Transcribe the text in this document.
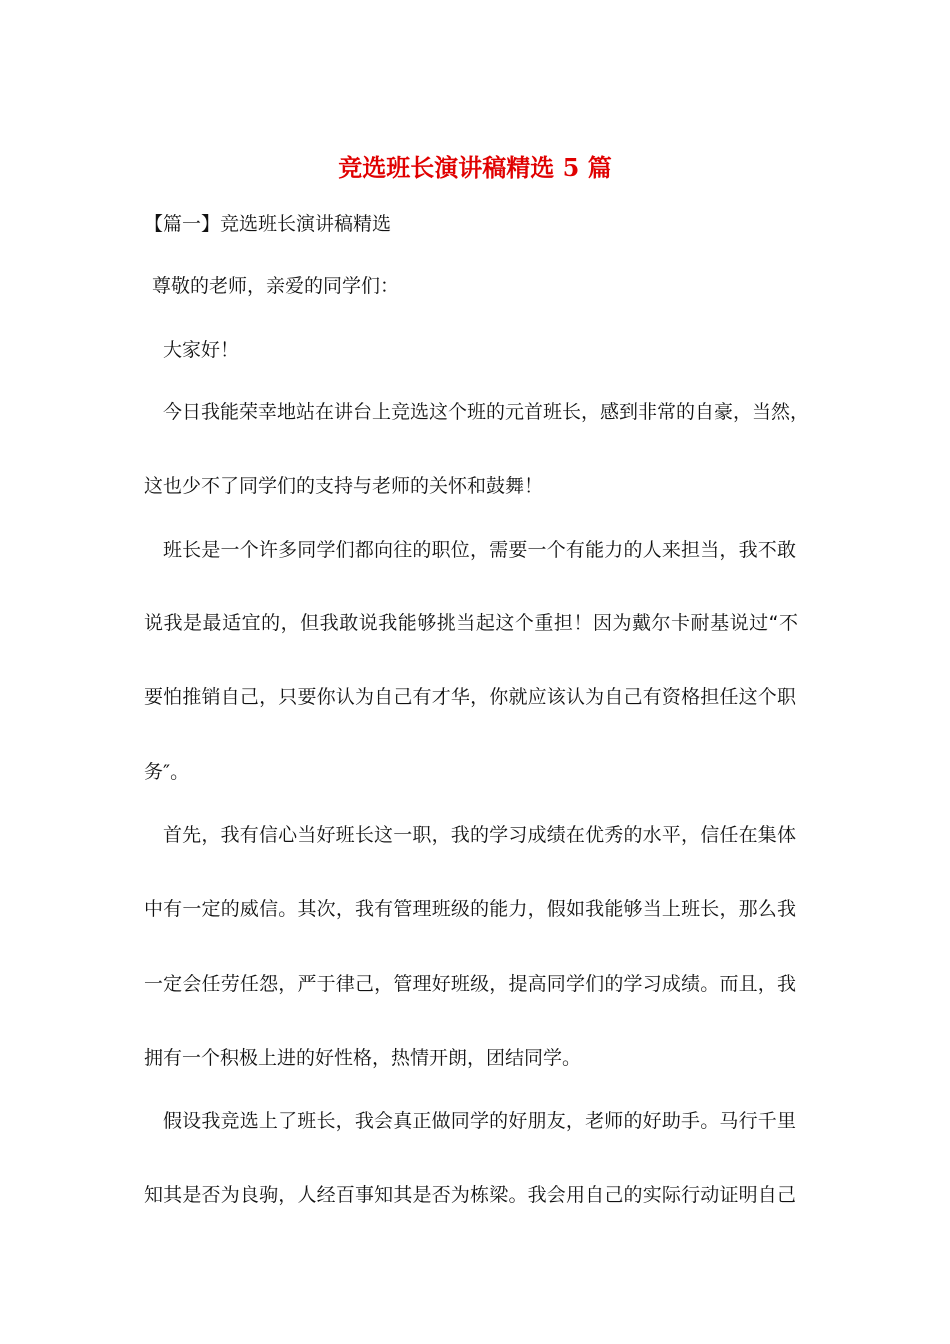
竞选班长演讲稿精选 5 篇
【篇一】竞选班长演讲稿精选
尊敬的老师，亲爱的同学们：
大家好！
今日我能荣幸地站在讲台上竞选这个班的元首班长，感到非常的自豪，当然，
这也少不了同学们的支持与老师的关怀和鼓舞！
班长是一个许多同学们都向往的职位，需要一个有能力的人来担当，我不敢
说我是最适宜的，但我敢说我能够挑当起这个重担！因为戴尔卡耐基说过“不
要怕推销自己，只要你认为自己有才华，你就应该认为自己有资格担任这个职
务″。
首先，我有信心当好班长这一职，我的学习成绩在优秀的水平，信任在集体
中有一定的威信。其次，我有管理班级的能力，假如我能够当上班长，那么我
一定会任劳任怨，严于律己，管理好班级，提高同学们的学习成绩。而且，我
拥有一个积极上进的好性格，热情开朗，团结同学。
假设我竞选上了班长，我会真正做同学的好朋友，老师的好助手。马行千里
知其是否为良驹，人经百事知其是否为栋梁。我会用自己的实际行动证明自己
